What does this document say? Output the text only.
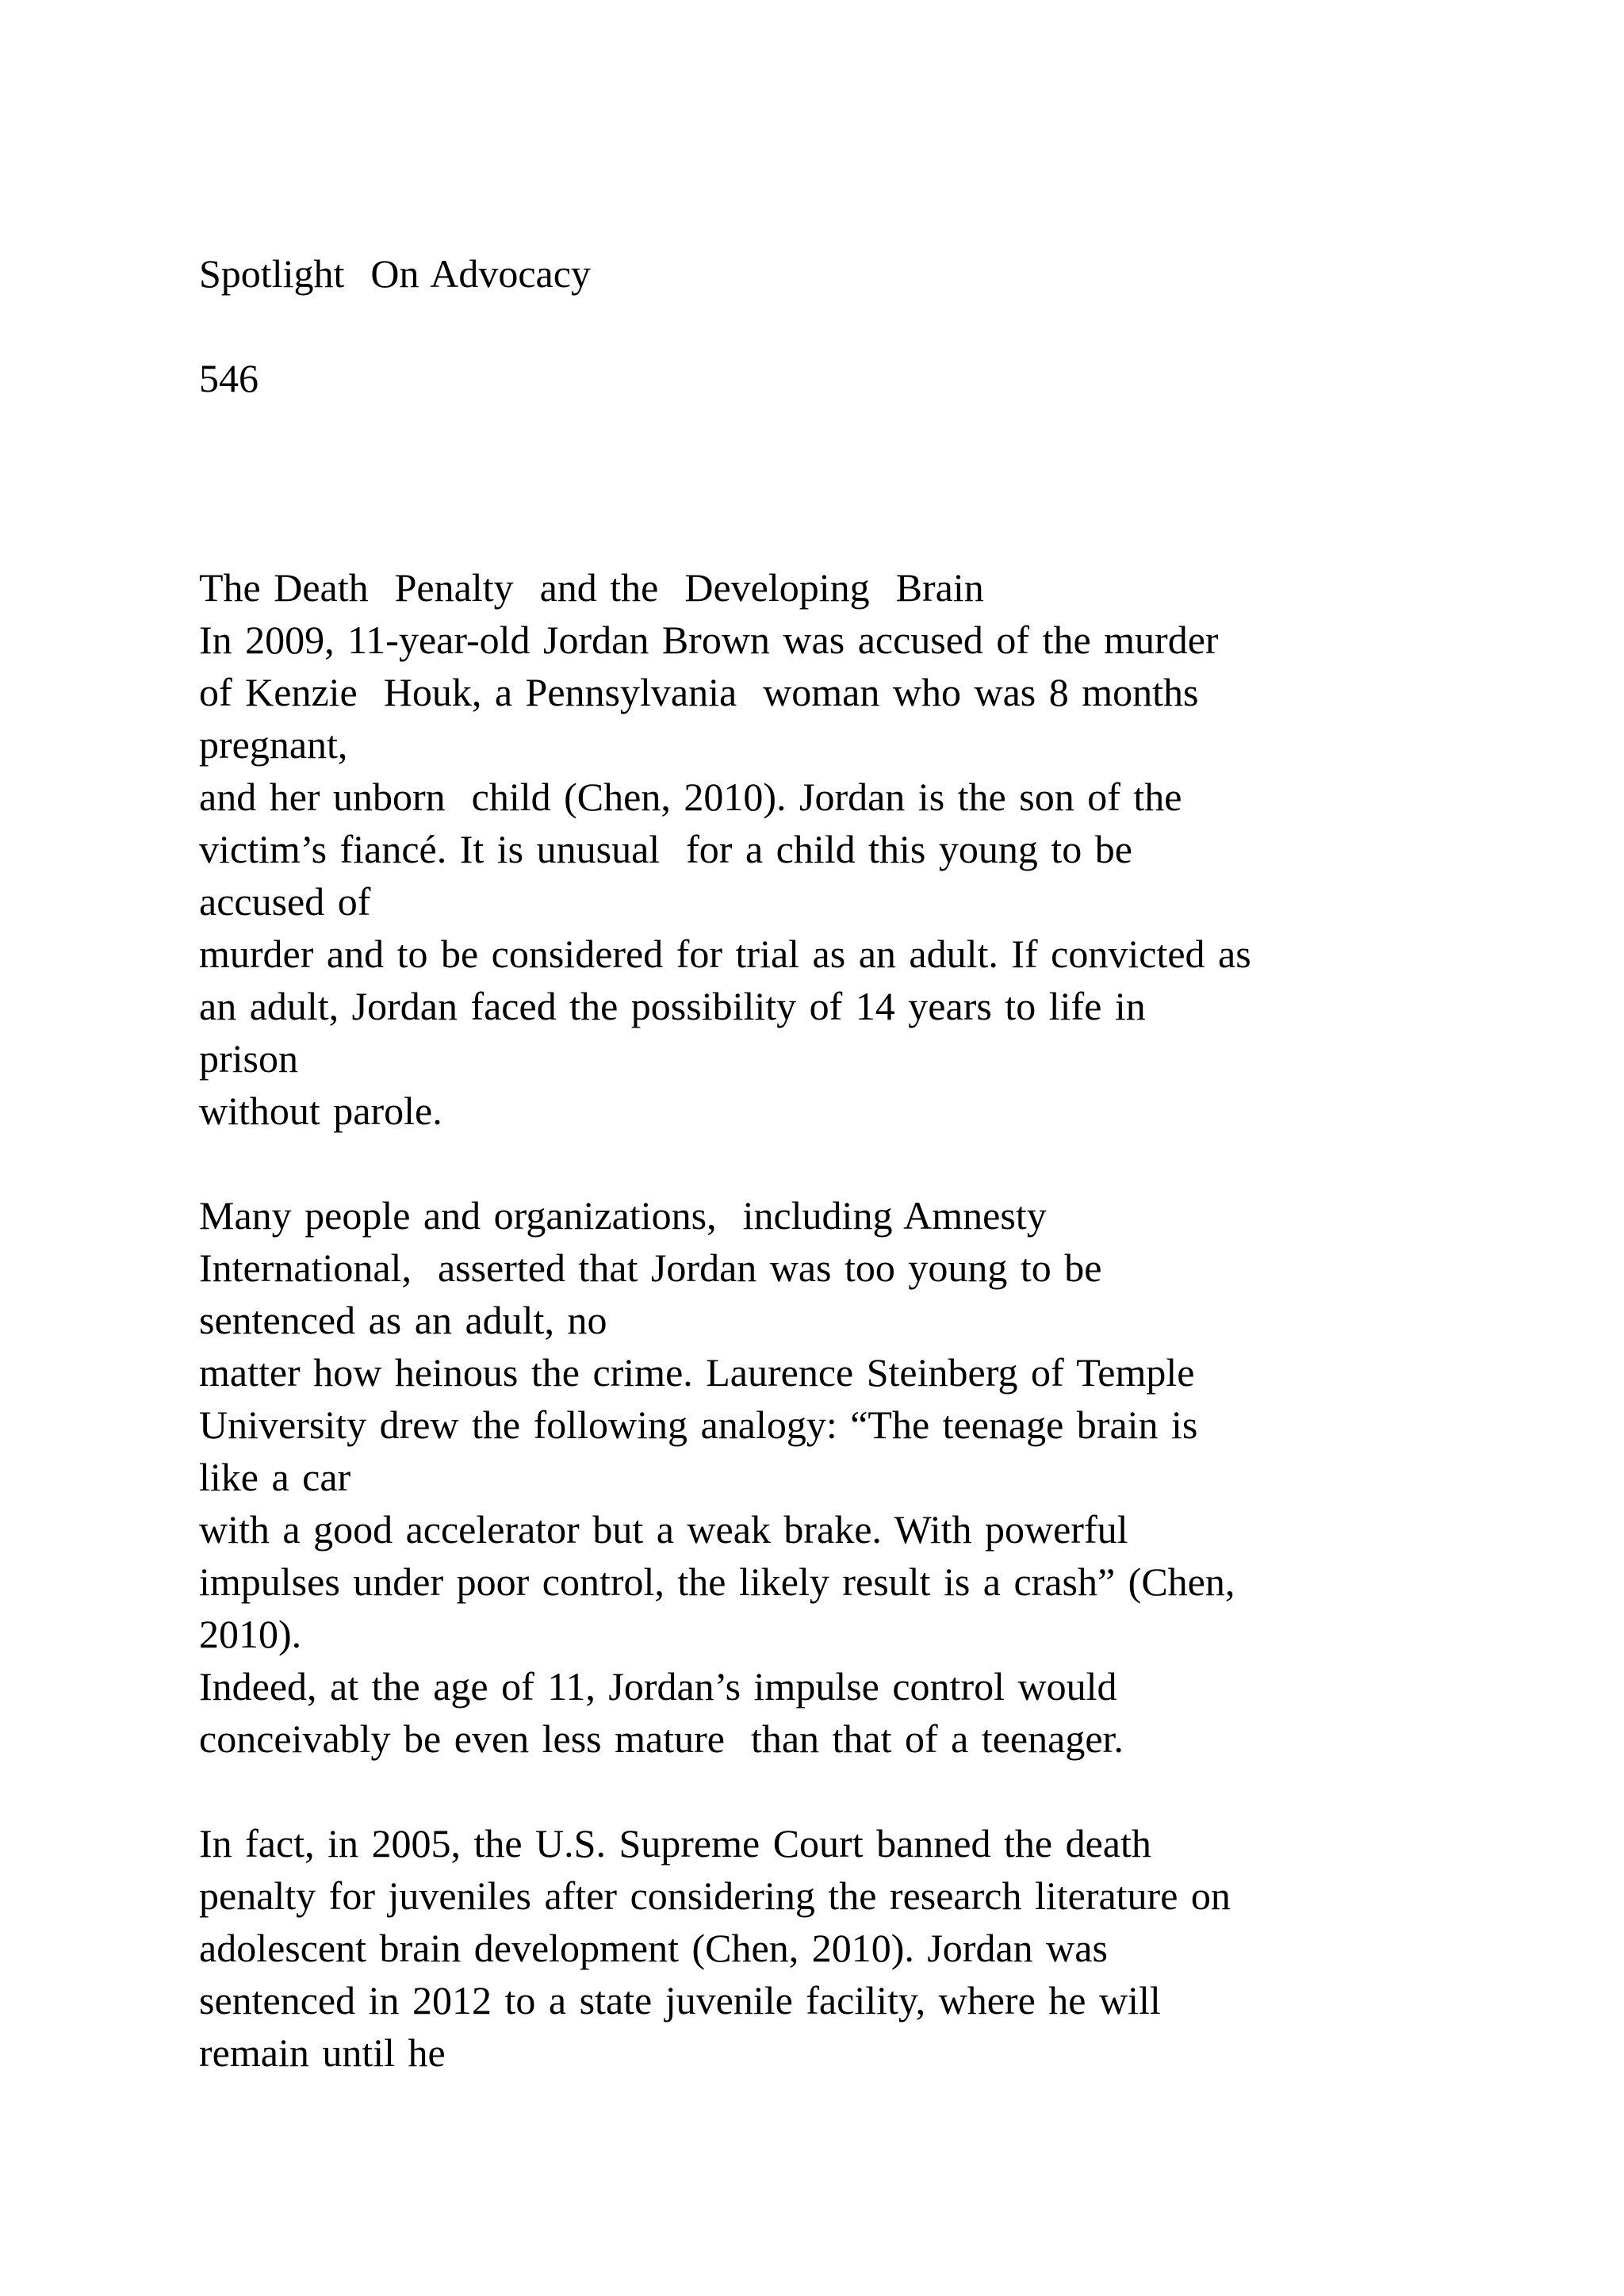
Spotlight  On Advocacy
546
The Death  Penalty  and the  Developing  Brain
In 2009, 11-year-old Jordan Brown was accused of the murder
of Kenzie  Houk, a Pennsylvania  woman who was 8 months
pregnant,
and her unborn  child (Chen, 2010). Jordan is the son of the
victim’s fiancé. It is unusual  for a child this young to be
accused of
murder and to be considered for trial as an adult. If convicted as
an adult, Jordan faced the possibility of 14 years to life in
prison
without parole.
Many people and organizations,  including Amnesty
International,  asserted that Jordan was too young to be
sentenced as an adult, no
matter how heinous the crime. Laurence Steinberg of Temple
University drew the following analogy: “The teenage brain is
like a car
with a good accelerator but a weak brake. With powerful
impulses under poor control, the likely result is a crash” (Chen,
2010).
Indeed, at the age of 11, Jordan’s impulse control would
conceivably be even less mature  than that of a teenager.
In fact, in 2005, the U.S. Supreme Court banned the death
penalty for juveniles after considering the research literature on
adolescent brain development (Chen, 2010). Jordan was
sentenced in 2012 to a state juvenile facility, where he will
remain until he
